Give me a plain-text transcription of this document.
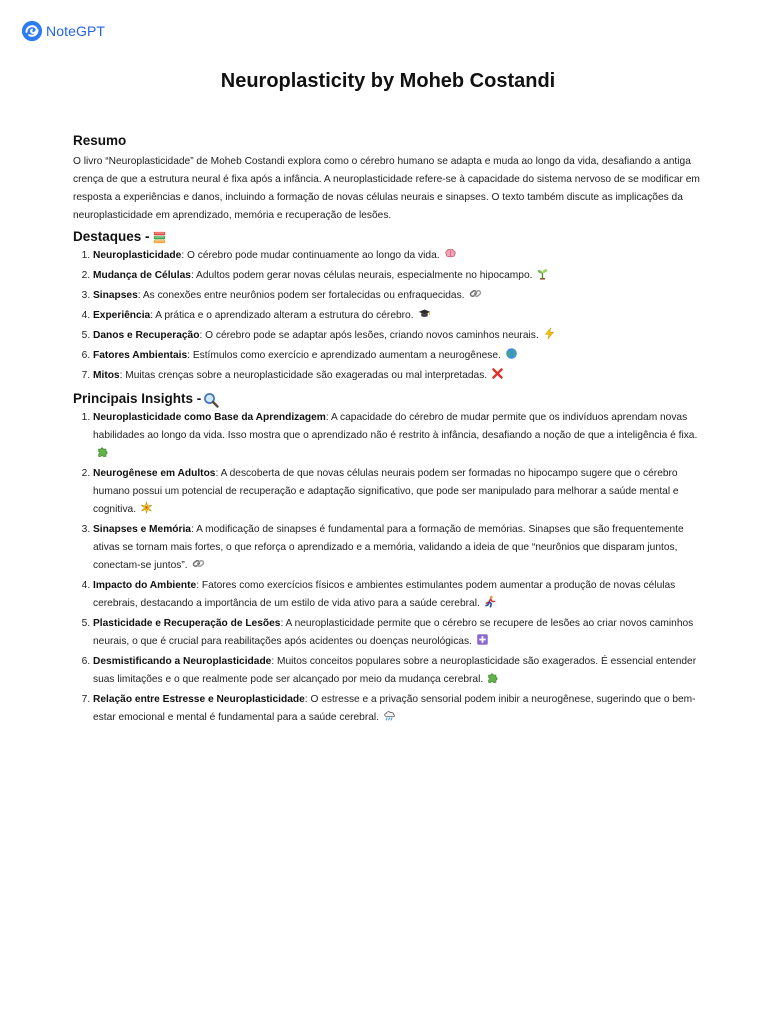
NoteGPT
Neuroplasticity by Moheb Costandi
Resumo

O livro “Neuroplasticidade” de Moheb Costandi explora como o cérebro humano se adapta e muda ao longo da vida, desafiando a antiga crença de que a estrutura neural é fixa após a infância. A neuroplasticidade refere-se à capacidade do sistema nervoso de se modificar em resposta a experiências e danos, incluindo a formação de novas células neurais e sinapses. O texto também discute as implicações da neuroplasticidade em aprendizado, memória e recuperação de lesões.

Destaques -
1. Neuroplasticidade: O cérebro pode mudar continuamente ao longo da vida.
2. Mudança de Células: Adultos podem gerar novas células neurais, especialmente no hipocampo.
3. Sinapses: As conexões entre neurônios podem ser fortalecidas ou enfraquecidas.
4. Experiência: A prática e o aprendizado alteram a estrutura do cérebro.
5. Danos e Recuperação: O cérebro pode se adaptar após lesões, criando novos caminhos neurais.
6. Fatores Ambientais: Estímulos como exercício e aprendizado aumentam a neurogênese.
7. Mitos: Muitas crenças sobre a neuroplasticidade são exageradas ou mal interpretadas.
Principais Insights -
1. Neuroplasticidade como Base da Aprendizagem: A capacidade do cérebro de mudar permite que os indivíduos aprendam novas habilidades ao longo da vida. Isso mostra que o aprendizado não é restrito à infância, desafiando a noção de que a inteligência é fixa.
2. Neurogênese em Adultos: A descoberta de que novas células neurais podem ser formadas no hipocampo sugere que o cérebro humano possui um potencial de recuperação e adaptação significativo, que pode ser manipulado para melhorar a saúde mental e cognitiva.
3. Sinapses e Memória: A modificação de sinapses é fundamental para a formação de memórias. Sinapses que são frequentemente ativas se tornam mais fortes, o que reforça o aprendizado e a memória, validando a ideia de que “neurônios que disparam juntos, conectam-se juntos”.
4. Impacto do Ambiente: Fatores como exercícios físicos e ambientes estimulantes podem aumentar a produção de novas células cerebrais, destacando a importância de um estilo de vida ativo para a saúde cerebral.
5. Plasticidade e Recuperação de Lesões: A neuroplasticidade permite que o cérebro se recupere de lesões ao criar novos caminhos neurais, o que é crucial para reabilitações após acidentes ou doenças neurológicas.
6. Desmistificando a Neuroplasticidade: Muitos conceitos populares sobre a neuroplasticidade são exagerados. É essencial entender suas limitações e o que realmente pode ser alcançado por meio da mudança cerebral.
7. Relação entre Estresse e Neuroplasticidade: O estresse e a privação sensorial podem inibir a neurogênese, sugerindo que o bem-estar emocional e mental é fundamental para a saúde cerebral.
